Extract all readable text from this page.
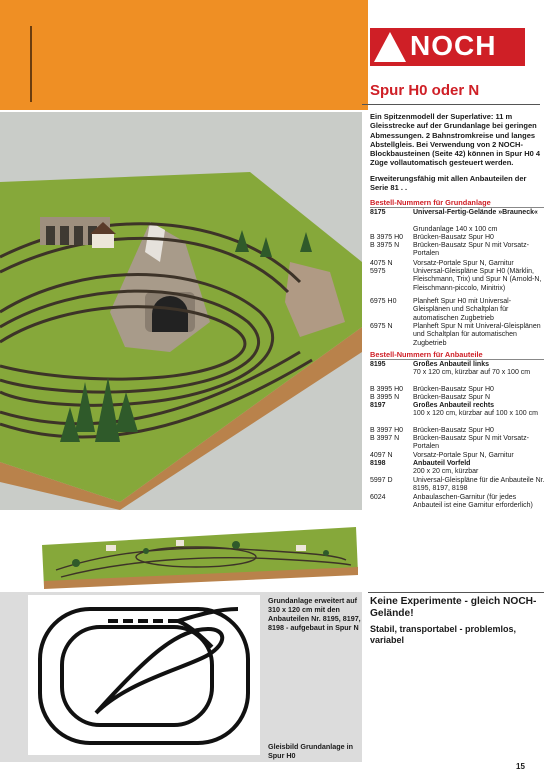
NOCH
Spur H0 oder N
Grundanlage erweitert auf 310 x 120 cm mit den Anbauteilen Nr. 8195, 8197, 8198 - aufgebaut in Spur N
Gleisbild Grundanlage in Spur H0
Ein Spitzenmodell der Superlative: 11 m Gleisstrecke auf der Grundanlage bei geringen Abmessungen. 2 Bahnstromkreise und langes Abstellgleis. Bei Verwendung von 2 NOCH-Blockbausteinen (Seite 42) können in Spur H0 4 Züge vollautomatisch gesteuert werden.
Erweiterungsfähig mit allen Anbauteilen der Serie 81 . .
Bestell-Nummern für Grundanlage
8175	Universal-Fertig-Gelände »Brauneck«
Grundanlage 140 x 100 cm
B 3975 H0	Brücken-Bausatz Spur H0
B 3975 N	Brücken-Bausatz Spur N mit Vorsatz-Portalen
4075 N	Vorsatz-Portale Spur N, Garnitur
5975	Universal-Gleispläne Spur H0 (Märklin, Fleischmann, Trix) und Spur N (Arnold-N, Fleischmann-piccolo, Minitrix)
6975 H0	Planheft Spur H0 mit Universal-Gleisplänen und Schaltplan für automatischen Zugbetrieb
6975 N	Planheft Spur N mit Univeral-Gleisplänen und Schaltplan für automatischen Zugbetrieb
Bestell-Nummern für Anbauteile
8195	Großes Anbauteil links
70 x 120 cm, kürzbar auf 70 x 100 cm
B 3995 H0	Brücken-Bausatz Spur H0
B 3995 N	Brücken-Bausatz Spur N
8197	Großes Anbauteil rechts
100 x 120 cm, kürzbar auf 100 x 100 cm
B 3997 H0	Brücken-Bausatz Spur H0
B 3997 N	Brücken-Bausatz Spur N mit Vorsatz-Portalen
4097 N	Vorsatz-Portale Spur N, Garnitur
8198	Anbauteil Vorfeld
200 x 20 cm, kürzbar
5997 D	Universal-Gleispläne für die Anbauteile Nr. 8195, 8197, 8198
6024	Anbaulaschen-Garnitur (für jedes Anbauteil ist eine Garnitur erforderlich)
Keine Experimente - gleich NOCH-Gelände!
Stabil, transportabel - problemlos, variabel
15
